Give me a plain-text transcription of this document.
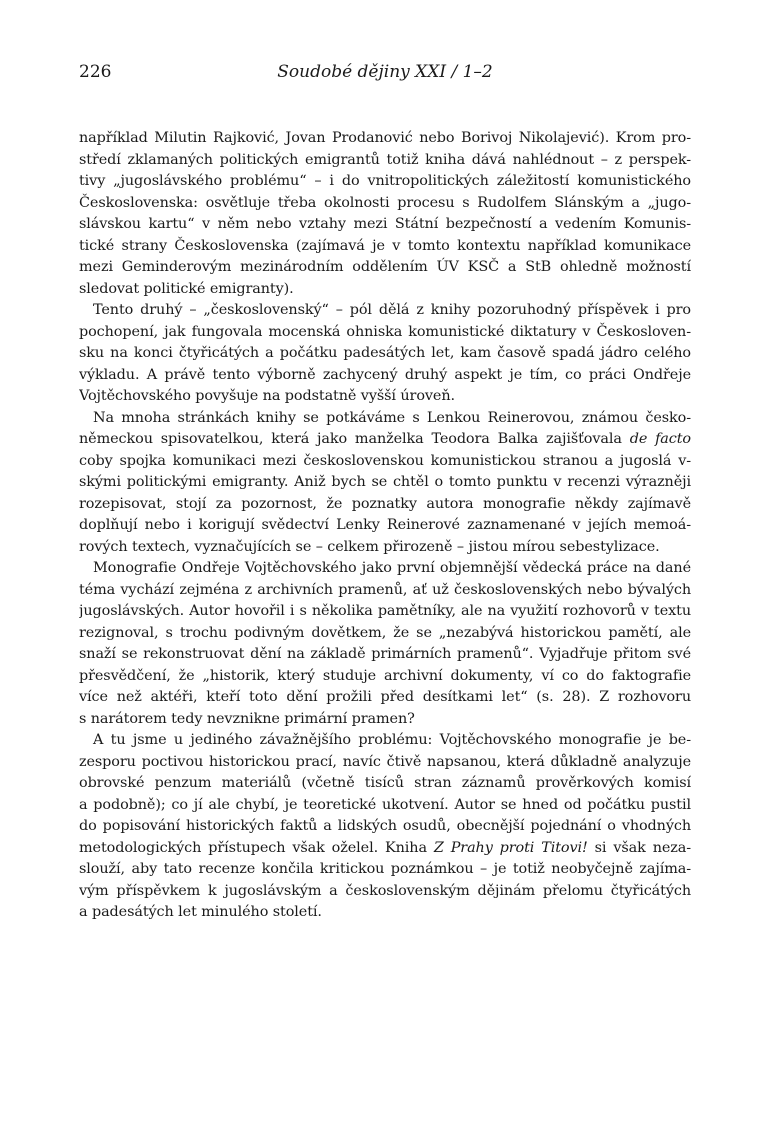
226	Soudobé dějiny XXI / 1–2
například Milutin Rajković, Jovan Prodanović nebo Borivoj Nikolajević). Krom pro-
středí zklamaných politických emigrantů totiž kniha dává nahlédnout – z perspek-
tivy „jugoslávského problému“ – i do vnitropolitických záležitostí komunistického
Československa: osvětluje třeba okolnosti procesu s Rudolfem Slánským a „jugo-
slávskou kartu“ v něm nebo vztahy mezi Státní bezpečností a vedením Komunis-
tické strany Československa (zajímavá je v tomto kontextu například komunikace
mezi Geminderovým mezinárodním oddělením ÚV KSČ a StB ohledně možností
sledovat politické emigranty).
Tento druhý – „československý“ – pól dělá z knihy pozoruhodný příspěvek i pro
pochopení, jak fungovala mocenská ohniska komunistické diktatury v Českosloven-
sku na konci čtyřicátých a počátku padesátých let, kam časově spadá jádro celého
výkladu. A právě tento výborně zachycený druhý aspekt je tím, co práci Ondřeje
Vojtěchovského povyšuje na podstatně vyšší úroveň.
Na mnoha stránkách knihy se potkáváme s Lenkou Reinerovou, známou česko-
německou spisovatelkou, která jako manželka Teodora Balka zajišťovala de facto
coby spojka komunikaci mezi československou komunistickou stranou a jugoslá v-
skými politickými emigranty. Aniž bych se chtěl o tomto punktu v recenzi výrazněji
rozepisovat, stojí za pozornost, že poznatky autora monografie někdy zajímavě
doplňují nebo i korigují svědectví Lenky Reinerové zaznamenané v jejích memoá-
rových textech, vyznačujících se – celkem přirozeně – jistou mírou sebestylizace.
Monografie Ondřeje Vojtěchovského jako první objemnější vědecká práce na dané
téma vychází zejména z archivních pramenů, ať už československých nebo bývalých
jugoslávských. Autor hovořil i s několika pamětníky, ale na využití rozhovorů v textu
rezignoval, s trochu podivným dovětkem, že se „nezabývá historickou pamětí, ale
snaží se rekonstruovat dění na základě primárních pramenů“. Vyjadřuje přitom své
přesvědčení, že „historik, který studuje archivní dokumenty, ví co do faktografie
více než aktéři, kteří toto dění prožili před desítkami let“ (s. 28). Z rozhovoru
s narátorem tedy nevznikne primární pramen?
A tu jsme u jediného závažnějšího problému: Vojtěchovského monografie je be-
zesporu poctivou historickou prací, navíc čtivě napsanou, která důkladně analyzuje
obrovské penzum materiálů (včetně tisíců stran záznamů prověrkových komisí
a podobně); co jí ale chybí, je teoretické ukotvení. Autor se hned od počátku pustil
do popisování historických faktů a lidských osudů, obecnější pojednání o vhodných
metodologických přístupech však oželel. Kniha Z Prahy proti Titovi! si však neza-
slouží, aby tato recenze končila kritickou poznámkou – je totiž neobyčejně zajíma-
vým příspěvkem k jugoslávským a československým dějinám přelomu čtyřicátých
a padesátých let minulého století.
